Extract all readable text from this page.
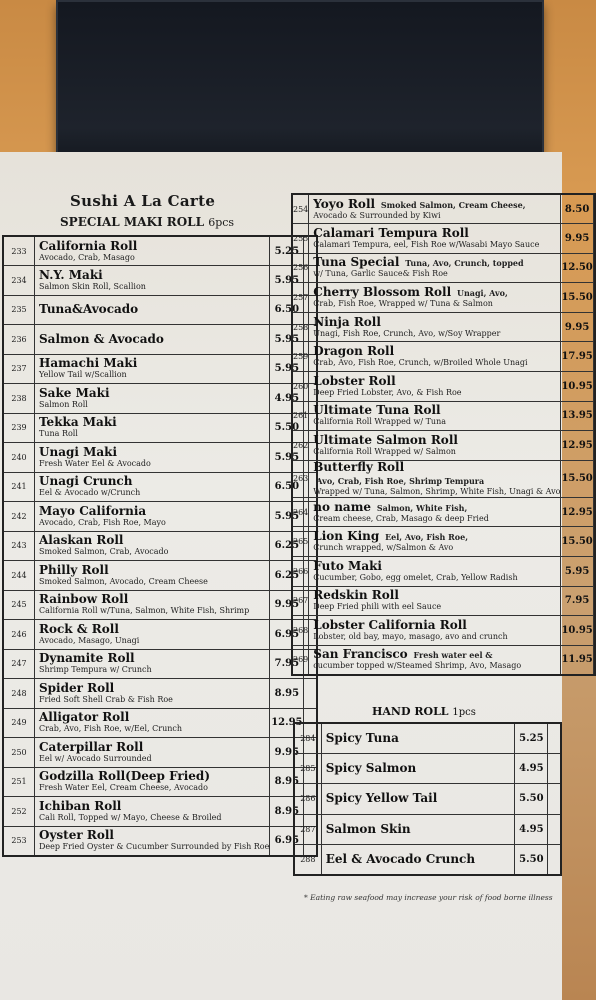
Sushi A La Carte
SPECIAL MAKI ROLL 6pcs
233	California Roll
Avocado, Crab, Masago	5.25	
234	N.Y. Maki
Salmon Skin Roll, Scallion	5.95	
235	Tuna&Avocado	6.50	
236	Salmon & Avocado	5.95	
237	Hamachi Maki
Yellow Tail w/Scallion	5.95	
238	Sake Maki
Salmon Roll	4.95	
239	Tekka Maki
Tuna Roll	5.50	
240	Unagi Maki
Fresh Water Eel & Avocado	5.95	
241	Unagi Crunch
Eel & Avocado w/Crunch	6.50	
242	Mayo California
Avocado, Crab, Fish Roe, Mayo	5.95	
243	Alaskan Roll
Smoked Salmon, Crab, Avocado	6.25	
244	Philly Roll
Smoked Salmon, Avocado, Cream Cheese	6.25	
245	Rainbow Roll
California Roll w/Tuna, Salmon, White Fish, Shrimp	9.95	
246	Rock & Roll
Avocado, Masago, Unagi	6.95	
247	Dynamite Roll
Shrimp Tempura w/ Crunch	7.95	
248	Spider Roll
Fried Soft Shell Crab & Fish Roe	8.95	
249	Alligator Roll
Crab, Avo, Fish Roe, w/Eel, Crunch	12.95	
250	Caterpillar Roll
Eel w/ Avocado Surrounded	9.95	
251	Godzilla Roll(Deep Fried)
Fresh Water Eel, Cream Cheese, Avocado	8.95	
252	Ichiban Roll
Cali Roll, Topped w/ Mayo, Cheese & Broiled	8.95	
253	Oyster Roll
Deep Fried Oyster & Cucumber Surrounded by Fish Roe	6.95	
254	Yoyo Roll Smoked Salmon, Cream Cheese,
Avocado & Surrounded by Kiwi	8.50	
255	Calamari Tempura Roll
Calamari Tempura, eel, Fish Roe w/Wasabi Mayo Sauce	9.95	
256	Tuna Special Tuna, Avo, Crunch, topped
w/ Tuna, Garlic Sauce& Fish Roe	12.50	
257	Cherry Blossom Roll Unagi, Avo,
Crab, Fish Roe, Wrapped w/ Tuna & Salmon	15.50	
258	Ninja Roll
Unagi, Fish Roe, Crunch, Avo, w/Soy Wrapper	9.95	
259	Dragon Roll
Crab, Avo, Fish Roe, Crunch, w/Broiled Whole Unagi	17.95	
260	Lobster Roll
Deep Fried Lobster, Avo, & Fish Roe	10.95	
261	Ultimate Tuna Roll
California Roll Wrapped w/ Tuna	13.95	
262	Ultimate Salmon Roll
California Roll Wrapped w/ Salmon	12.95	
263	Butterfly Roll Avo, Crab, Fish Roe, Shrimp Tempura
Wrapped w/ Tuna, Salmon, Shrimp, White Fish, Unagi & Avo	15.50	
264	no name Salmon, White Fish,
Cream cheese, Crab, Masago & deep Fried	12.95	
265	Lion King Eel, Avo, Fish Roe,
Crunch wrapped, w/Salmon & Avo	15.50	
266	Futo Maki
Cucumber, Gobo, egg omelet, Crab, Yellow Radish	5.95	
267	Redskin Roll
Deep Fried phili with eel Sauce	7.95	
268	Lobster California Roll
Lobster, old bay, mayo, masago, avo and crunch	10.95	
269	San Francisco Fresh water eel &
cucumber topped w/Steamed Shrimp, Avo, Masago	11.95	
HAND ROLL 1pcs
284	Spicy Tuna	5.25	
285	Spicy Salmon	4.95	
286	Spicy Yellow Tail	5.50	
287	Salmon Skin	4.95	
288	Eel & Avocado Crunch	5.50	
* Eating raw seafood may increase your risk of food borne illness
